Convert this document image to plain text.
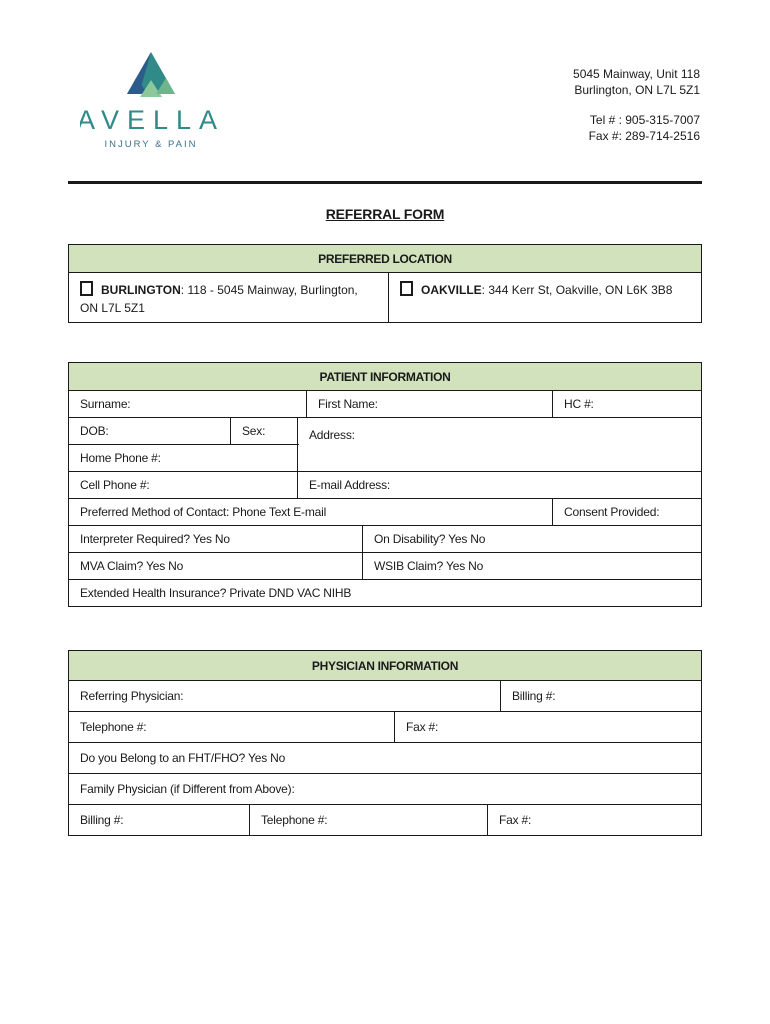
AVELLA
INJURY & PAIN
5045 Mainway, Unit 118
Burlington, ON L7L 5Z1
Tel # : 905-315-7007
Fax #: 289-714-2516
REFERRAL FORM
PREFERRED LOCATION
BURLINGTON: 118 - 5045 Mainway, Burlington, ON L7L 5Z1	OAKVILLE: 344 Kerr St, Oakville, ON L6K 3B8
PATIENT INFORMATION					
Surname:			First Name:		HC #:
DOB:	Sex:	Address:			
Home Phone #:					
Cell Phone #:		E-mail Address:			
Preferred Method of Contact: Phone Text E-mail					Consent Provided:
Interpreter Required? Yes No				On Disability? Yes No	
MVA Claim? Yes No				WSIB Claim? Yes No	
Extended Health Insurance? Private DND VAC NIHB					
PHYSICIAN INFORMATION				
Referring Physician:				Billing #:
Telephone #:		Fax #:		
Do you Belong to an FHT/FHO? Yes No				
Family Physician (if Different from Above):				
Billing #:	Telephone #:		Fax #:	
